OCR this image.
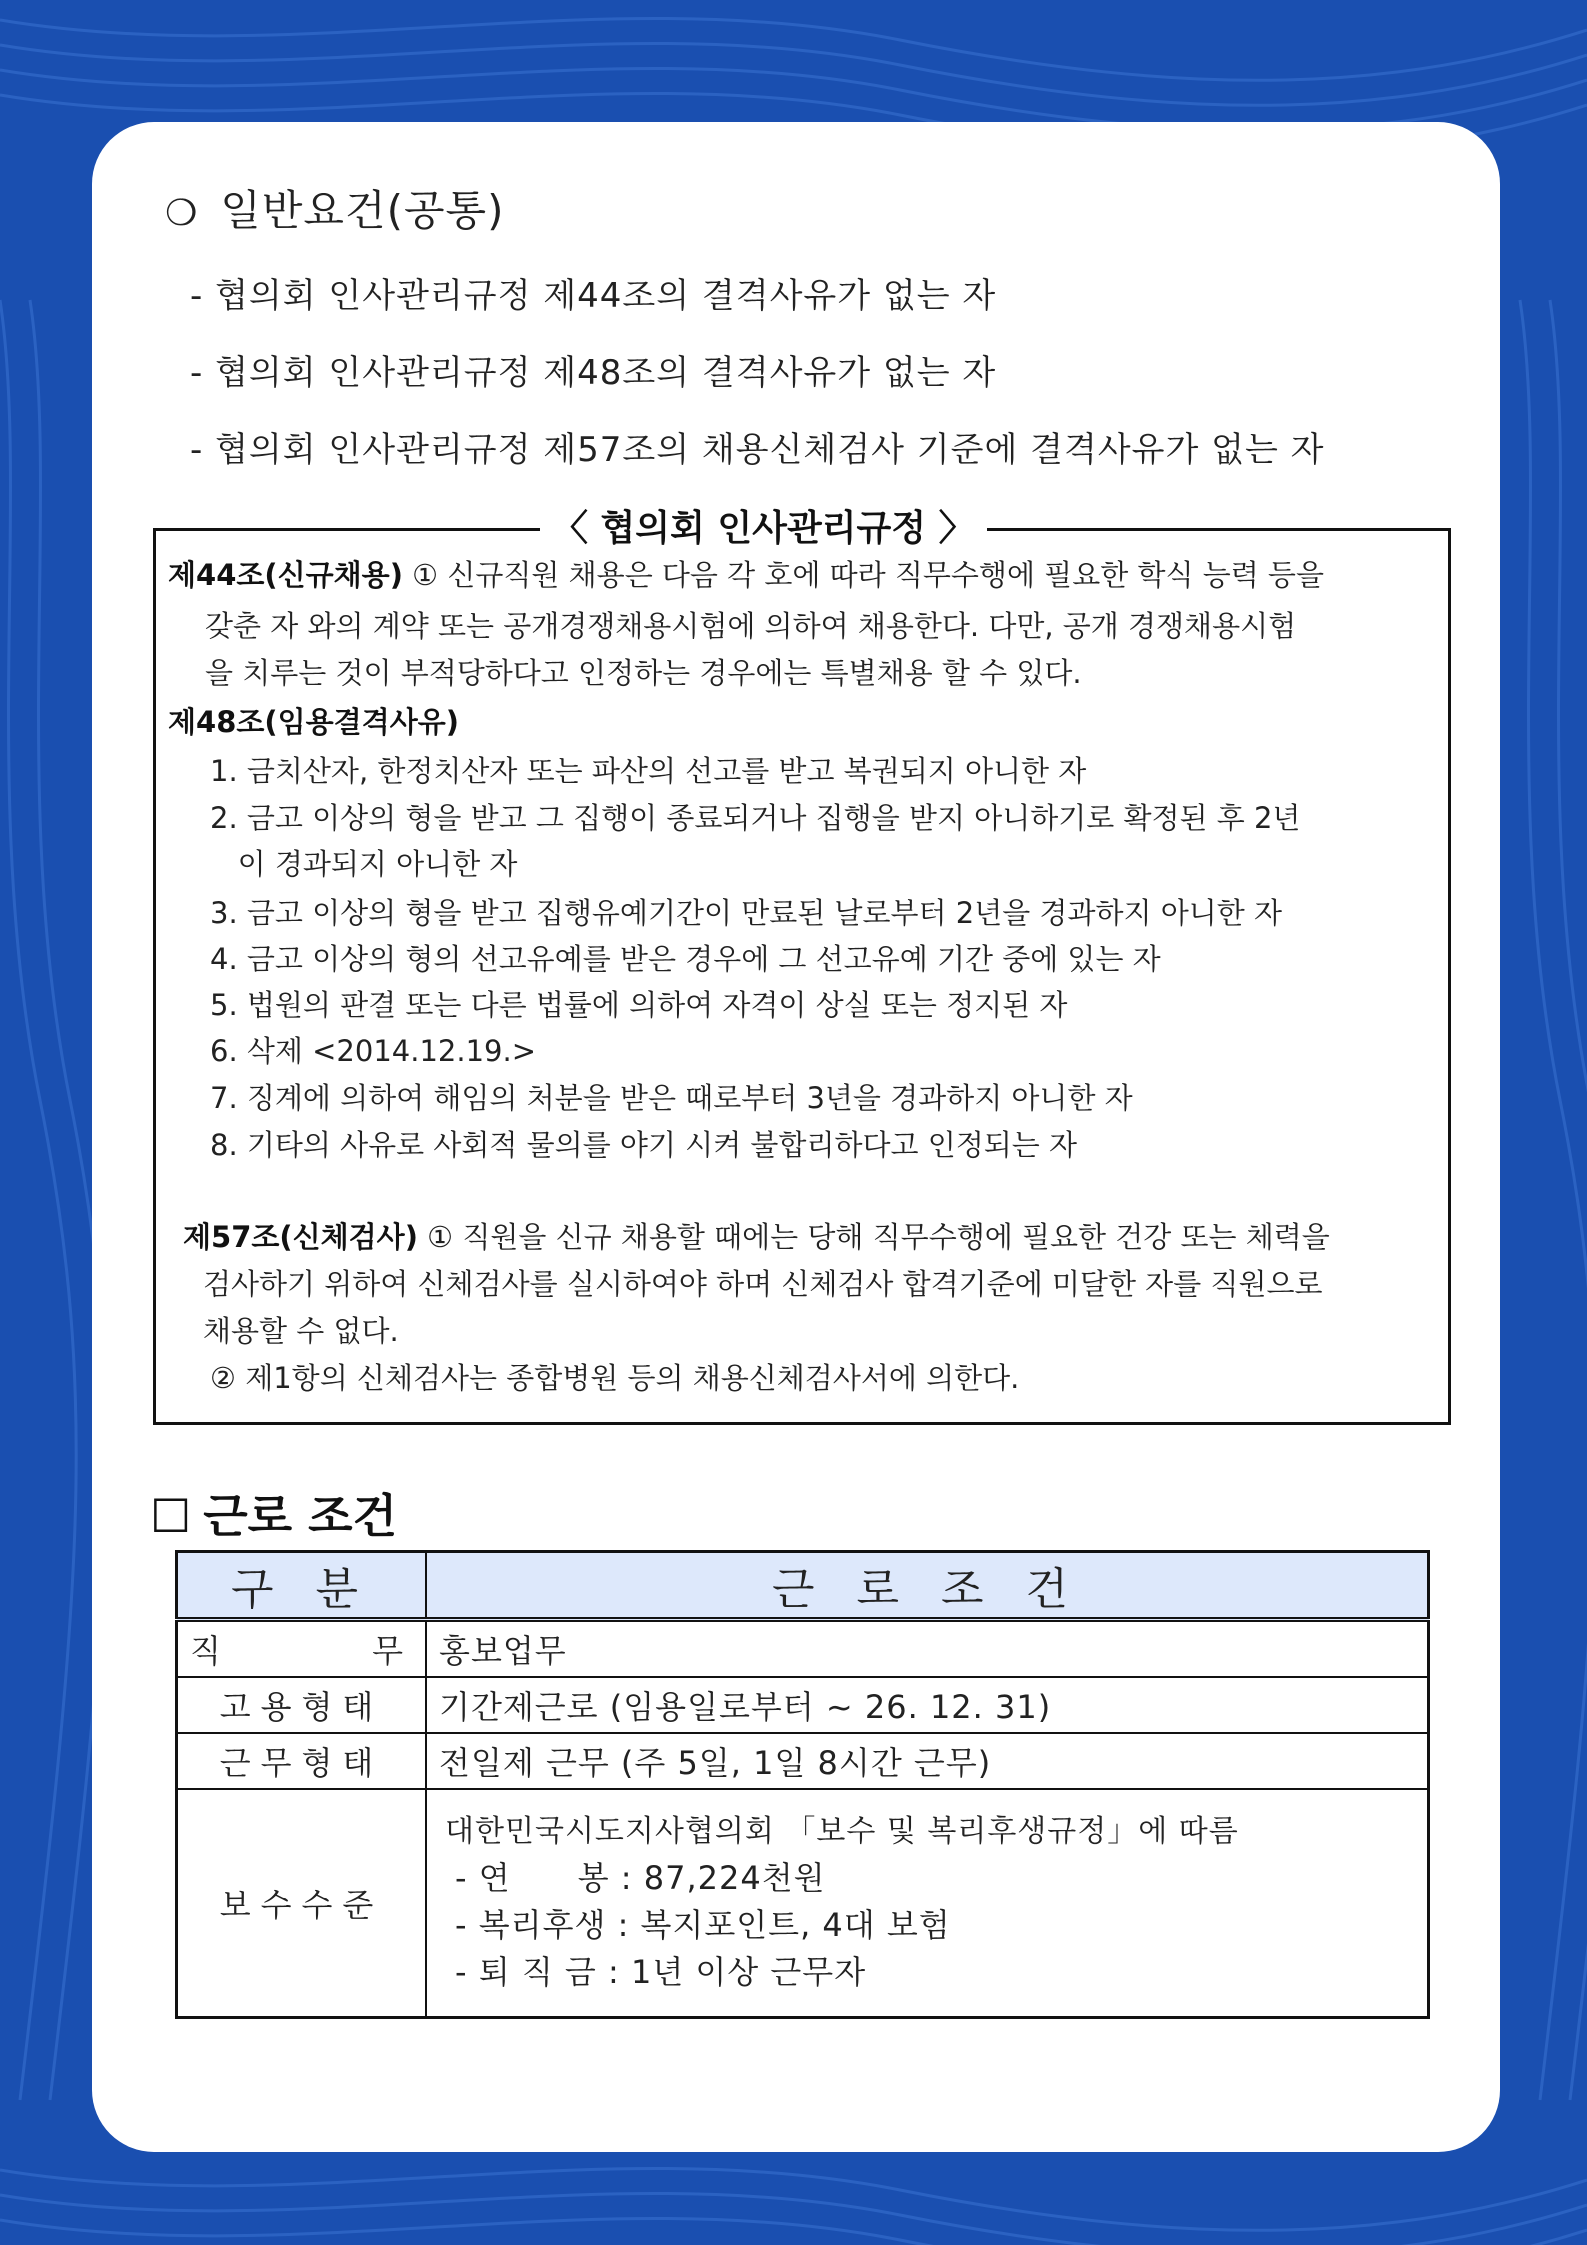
❍ 일반요건(공통)
- 협의회 인사관리규정 제44조의 결격사유가 없는 자
- 협의회 인사관리규정 제48조의 결격사유가 없는 자
- 협의회 인사관리규정 제57조의 채용신체검사 기준에 결격사유가 없는 자
〈 협의회 인사관리규정 〉
제44조(신규채용) ① 신규직원 채용은 다음 각 호에 따라 직무수행에 필요한 학식 능력 등을
갖춘 자 와의 계약 또는 공개경쟁채용시험에 의하여 채용한다. 다만, 공개 경쟁채용시험
을 치루는 것이 부적당하다고 인정하는 경우에는 특별채용 할 수 있다.
제48조(임용결격사유)
1. 금치산자, 한정치산자 또는 파산의 선고를 받고 복권되지 아니한 자
2. 금고 이상의 형을 받고 그 집행이 종료되거나 집행을 받지 아니하기로 확정된 후 2년
이 경과되지 아니한 자
3. 금고 이상의 형을 받고 집행유예기간이 만료된 날로부터 2년을 경과하지 아니한 자
4. 금고 이상의 형의 선고유예를 받은 경우에 그 선고유예 기간 중에 있는 자
5. 법원의 판결 또는 다른 법률에 의하여 자격이 상실 또는 정지된 자
6. 삭제 <2014.12.19.>
7. 징계에 의하여 해임의 처분을 받은 때로부터 3년을 경과하지 아니한 자
8. 기타의 사유로 사회적 물의를 야기 시켜 불합리하다고 인정되는 자
제57조(신체검사) ① 직원을 신규 채용할 때에는 당해 직무수행에 필요한 건강 또는 체력을
검사하기 위하여 신체검사를 실시하여야 하며 신체검사 합격기준에 미달한 자를 직원으로
채용할 수 없다.
② 제1항의 신체검사는 종합병원 등의 채용신체검사서에 의한다.
☐ 근로 조건
구 분	근 로 조 건
직       무	홍보업무
고용형태	기간제근로 (임용일로부터 ~ 26. 12. 31)
근무형태	전일제 근무 (주 5일, 1일 8시간 근무)
보수수준	대한민국시도지사협의회 「보수 및 복리후생규정」에 따름
- 연      봉 : 87,224천원
- 복리후생 : 복지포인트, 4대 보험
- 퇴 직 금 : 1년 이상 근무자
